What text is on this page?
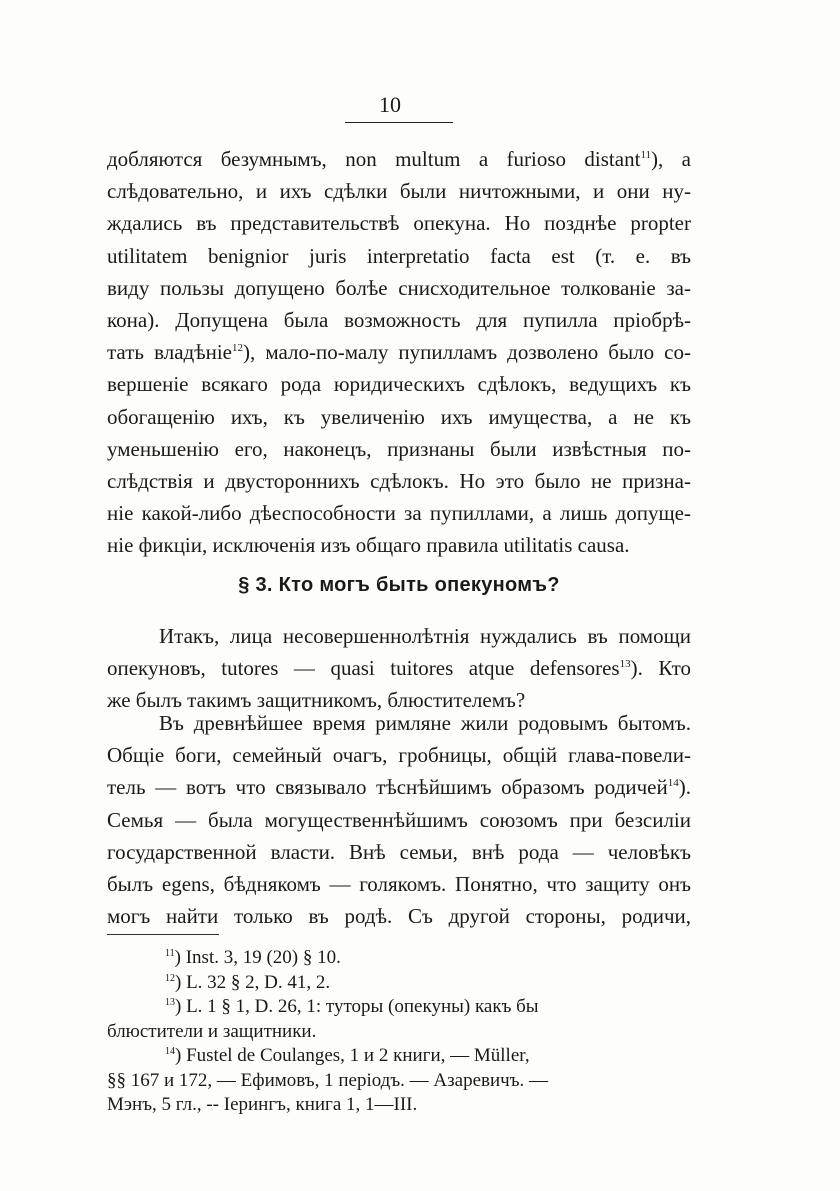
10

добляются безумнымъ, non multum a furioso distant$^{11}$), а

слѣдовательно, и ихъ сдѣлки были ничтожными, и они ну-

ждались въ представительствѣ опекуна. Но позднѣе propter

utilitatem benignior juris interpretatio facta est (т. е. въ

виду пользы допущено болѣе снисходительное толкованіе за-

кона). Допущена была возможность для пупилла пріобрѣ-

тать владѣніе$^{12}$), мало-по-малу пупилламъ дозволено было со-

вершеніе всякаго рода юридическихъ сдѣлокъ, ведущихъ къ

обогащенію ихъ, къ увеличенію ихъ имущества, а не къ

уменьшенію его, наконецъ, признаны были извѣстныя по-

слѣдствія и двустороннихъ сдѣлокъ. Но это было не призна-

ніе какой-либо дѣеспособности за пупиллами, а лишь допуще-

ніе фикціи, исключенія изъ общаго правила utilitatis causa.

§ 3. Кто могъ быть опекуномъ?

Итакъ, лица несовершеннолѣтнія нуждались въ помощи

опекуновъ, tutores — quasi tuitores atque defensores$^{13}$). Кто

же былъ такимъ защитникомъ, блюстителемъ?

Въ древнѣйшее время римляне жили родовымъ бытомъ.

Общіе боги, семейный очагъ, гробницы, общій глава-повели-

тель — вотъ что связывало тѣснѣйшимъ образомъ родичей$^{14}$).

Семья — была могущественнѣйшимъ союзомъ при безсиліи

государственной власти. Внѣ семьи, внѣ рода — человѣкъ

былъ egens, бѣднякомъ — голякомъ. Понятно, что защиту онъ

могъ найти только въ родѣ. Съ другой стороны, родичи,

$^{11}$) Inst. 3, 19 (20) § 10.

$^{12}$) L. 32 § 2, D. 41, 2.

$^{13}$) L. 1 § 1, D. 26, 1: туторы (опекуны) какъ бы

блюстители и защитники.

$^{14}$) Fustel de Coulanges, 1 и 2 книги, — Müller,

§§ 167 и 172, — Ефимовъ, 1 періодъ. — Азаревичъ. —

Мэнъ, 5 гл., -- Іерингъ, книга 1, 1—III.
